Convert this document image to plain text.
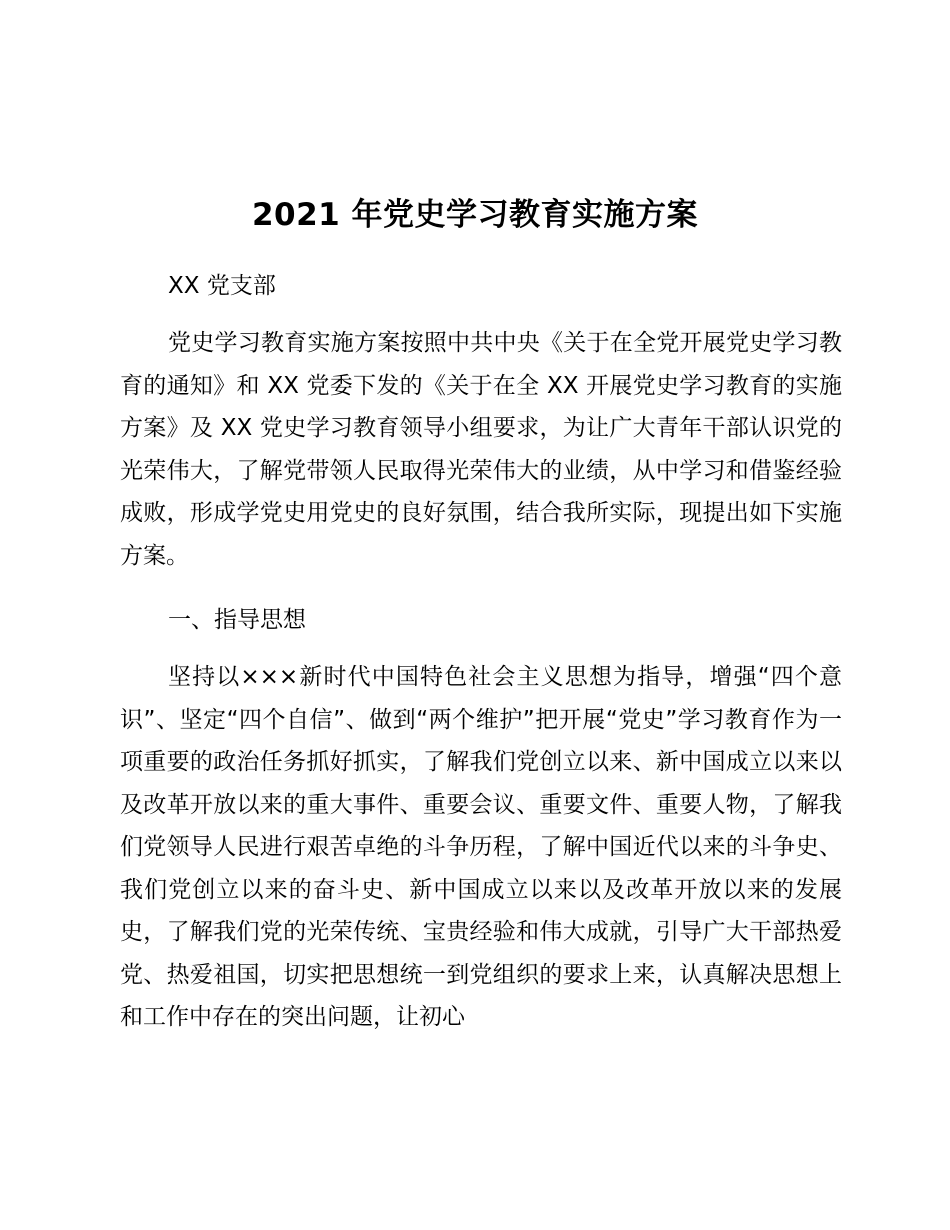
2021 年党史学习教育实施方案

XX 党支部

党史学习教育实施方案按照中共中央《关于在全党开展党史学习教育的通知》和 XX 党委下发的《关于在全 XX 开展党史学习教育的实施方案》及 XX 党史学习教育领导小组要求，为让广大青年干部认识党的光荣伟大，了解党带领人民取得光荣伟大的业绩，从中学习和借鉴经验成败，形成学党史用党史的良好氛围，结合我所实际，现提出如下实施方案。

一、指导思想

坚持以×××新时代中国特色社会主义思想为指导，增强“四个意识”、坚定“四个自信”、做到“两个维护”把开展“党史”学习教育作为一项重要的政治任务抓好抓实，了解我们党创立以来、新中国成立以来以及改革开放以来的重大事件、重要会议、重要文件、重要人物，了解我们党领导人民进行艰苦卓绝的斗争历程，了解中国近代以来的斗争史、我们党创立以来的奋斗史、新中国成立以来以及改革开放以来的发展史，了解我们党的光荣传统、宝贵经验和伟大成就，引导广大干部热爱党、热爱祖国，切实把思想统一到党组织的要求上来，认真解决思想上和工作中存在的突出问题，让初心
